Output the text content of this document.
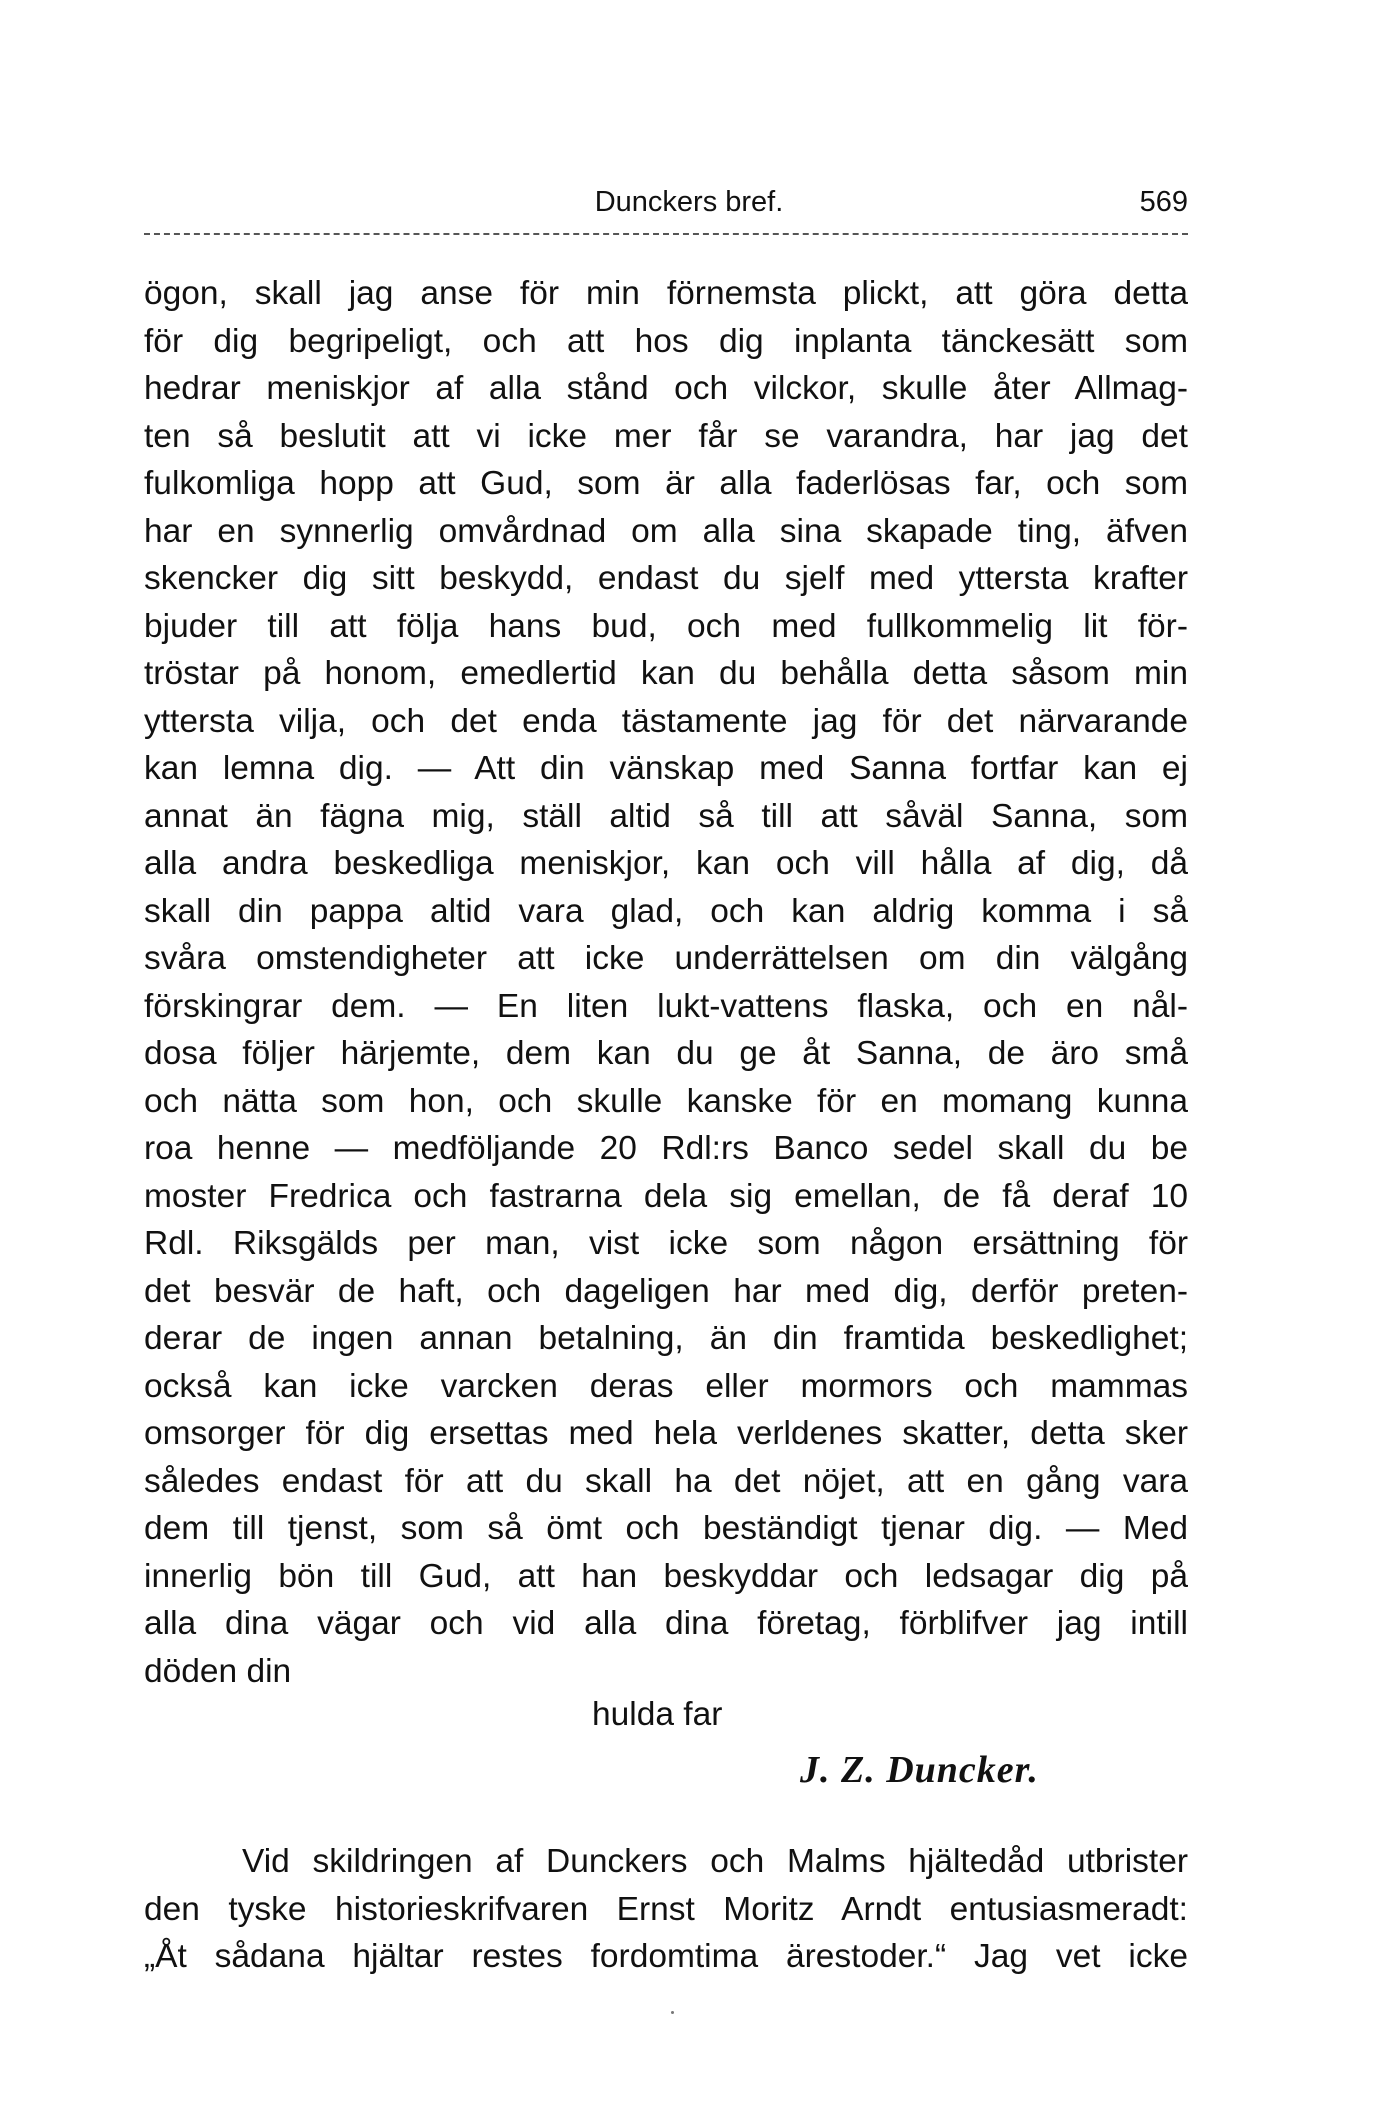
Dunckers bref.	569
ögon, skall jag anse för min förnemsta plickt, att göra detta
för dig begripeligt, och att hos dig inplanta tänckesätt som
hedrar meniskjor af alla stånd och vilckor, skulle åter Allmag-
ten så beslutit att vi icke mer får se varandra, har jag det
fulkomliga hopp att Gud, som är alla faderlösas far, och som
har en synnerlig omvårdnad om alla sina skapade ting, äfven
skencker dig sitt beskydd, endast du sjelf med yttersta krafter
bjuder till att följa hans bud, och med fullkommelig lit för-
tröstar på honom, emedlertid kan du behålla detta såsom min
yttersta vilja, och det enda tästamente jag för det närvarande
kan lemna dig. — Att din vänskap med Sanna fortfar kan ej
annat än fägna mig, ställ altid så till att såväl Sanna, som
alla andra beskedliga meniskjor, kan och vill hålla af dig, då
skall din pappa altid vara glad, och kan aldrig komma i så
svåra omstendigheter att icke underrättelsen om din välgång
förskingrar dem. — En liten lukt-vattens flaska, och en nål-
dosa följer härjemte, dem kan du ge åt Sanna, de äro små
och nätta som hon, och skulle kanske för en momang kunna
roa henne — medföljande 20 Rdl:rs Banco sedel skall du be
moster Fredrica och fastrarna dela sig emellan, de få deraf 10
Rdl. Riksgälds per man, vist icke som någon ersättning för
det besvär de haft, och dageligen har med dig, derför preten-
derar de ingen annan betalning, än din framtida beskedlighet;
också kan icke varcken deras eller mormors och mammas
omsorger för dig ersettas med hela verldenes skatter, detta sker
således endast för att du skall ha det nöjet, att en gång vara
dem till tjenst, som så ömt och beständigt tjenar dig. — Med
innerlig bön till Gud, att han beskyddar och ledsagar dig på
alla dina vägar och vid alla dina företag, förblifver jag intill
döden din
hulda far
J. Z. Duncker.
Vid skildringen af Dunckers och Malms hjältedåd utbrister
den tyske historieskrifvaren Ernst Moritz Arndt entusiasmeradt:
„Åt sådana hjältar restes fordomtima ärestoder.“ Jag vet icke
